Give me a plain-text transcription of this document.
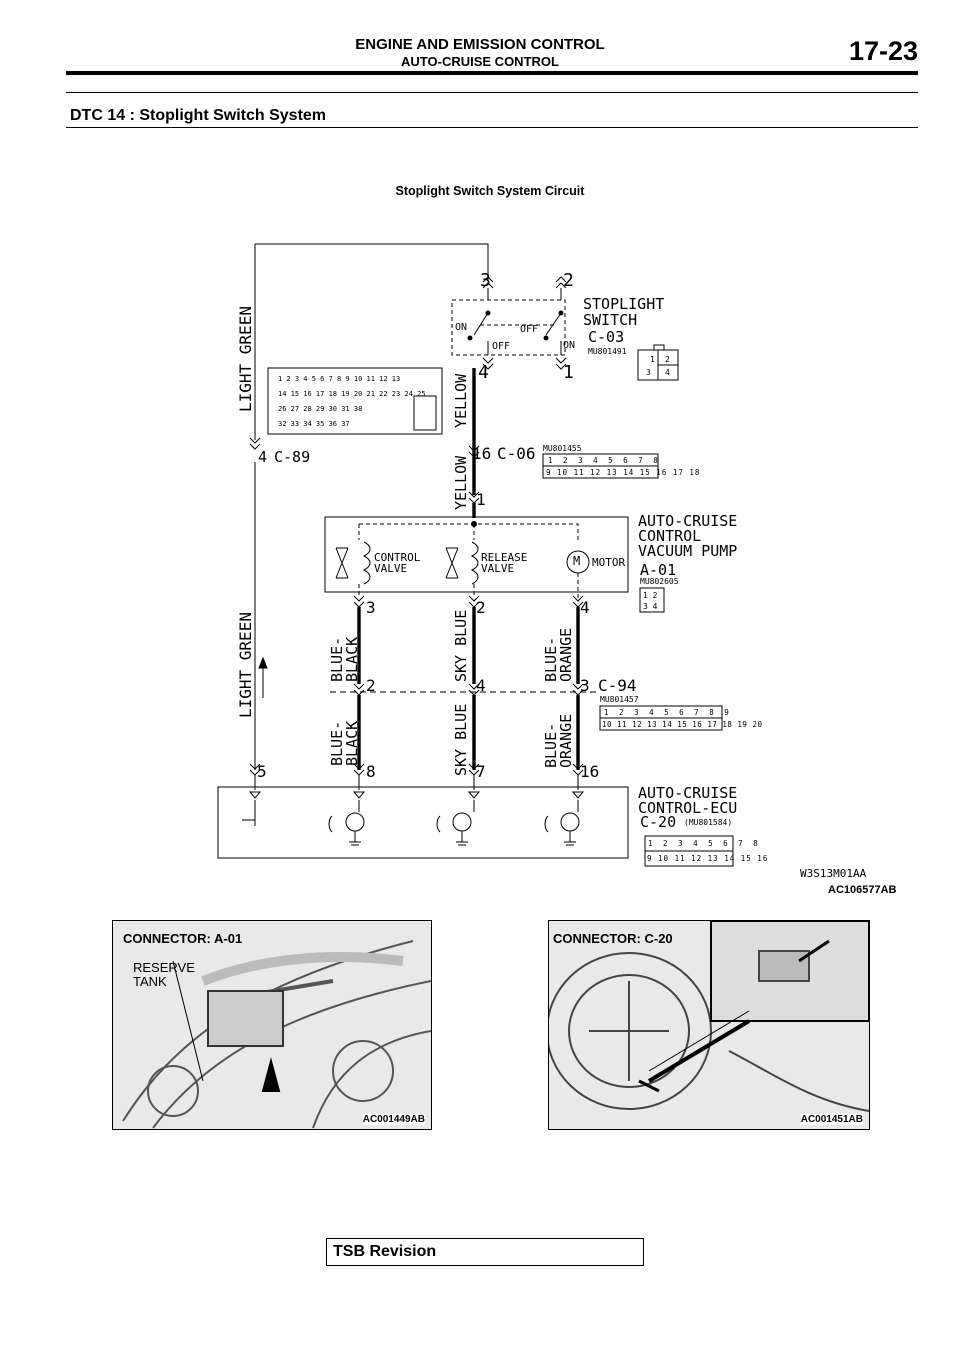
ENGINE AND EMISSION CONTROL
AUTO-CRUISE CONTROL	17-23
DTC 14 : Stoplight Switch System
Stoplight Switch System Circuit
3	2
STOPLIGHT
SWITCH
C-03
MU801491
ON
OFF
OFF
ON
4	1
1 2
3 4
1 2 3 4 5 6 7 8 9 10 11 12 13
14 15 16 17 18 19 20 21 22 23 24 25
26 27 28 29 30 31 38
32 33 34 35 36 37
4 C-89
LIGHT GREEN
LIGHT GREEN
YELLOW
YELLOW
16 C-06 MU801455
1 2 3 4 5 6 7 8
9 10 11 12 13 14 15 16 17 18
1
AUTO-CRUISE
CONTROL
VACUUM PUMP
A-01
MU802605
1 2
3 4
CONTROL
VALVE
RELEASE
VALVE
M MOTOR
3	2	4
BLUE-
BLACK	SKY BLUE	BLUE-
ORANGE
BLUE-
BLACK	SKY BLUE	BLUE-
ORANGE
2	4	3 C-94
MU801457
1 2 3 4 5 6 7 8 9
10 11 12 13 14 15 16 17 18 19 20
5	8	7	16
AUTO-CRUISE
CONTROL-ECU
C-20 (MU801584)
1 2 3 4 5 6 7 8
9 10 11 12 13 14 15 16
W3S13M01AA
AC106577AB
CONNECTOR: A-01
RESERVE
TANK
AC001449AB
CONNECTOR: C-20
AC001451AB
TSB Revision
